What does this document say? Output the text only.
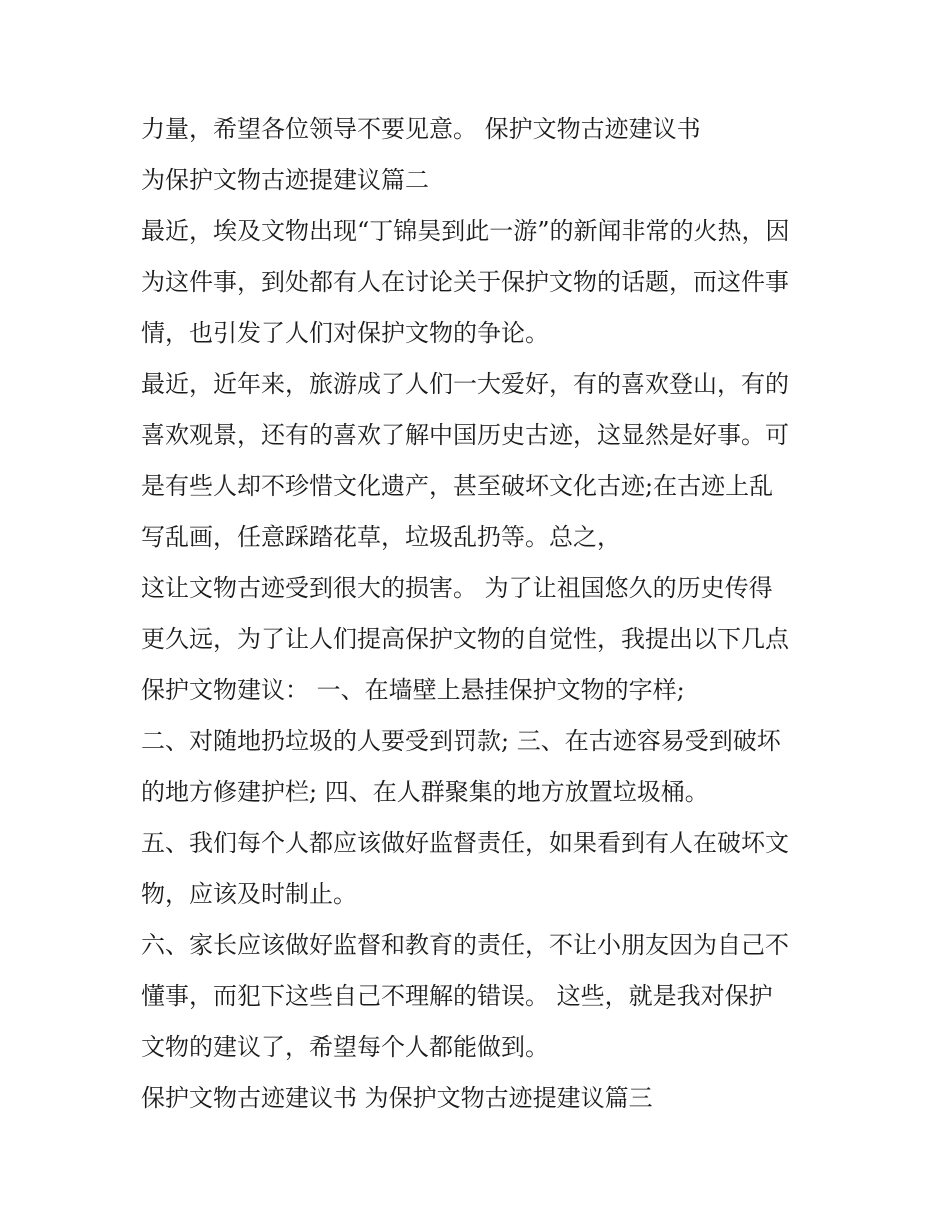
力量，希望各位领导不要见意。 保护文物古迹建议书

为保护文物古迹提建议篇二

最近，埃及文物出现“丁锦昊到此一游”的新闻非常的火热，因

为这件事，到处都有人在讨论关于保护文物的话题，而这件事

情，也引发了人们对保护文物的争论。

最近，近年来，旅游成了人们一大爱好，有的喜欢登山，有的

喜欢观景，还有的喜欢了解中国历史古迹，这显然是好事。可

是有些人却不珍惜文化遗产，甚至破坏文化古迹;在古迹上乱

写乱画，任意踩踏花草，垃圾乱扔等。总之，

这让文物古迹受到很大的损害。 为了让祖国悠久的历史传得

更久远，为了让人们提高保护文物的自觉性，我提出以下几点

保护文物建议： 一、在墙壁上悬挂保护文物的字样;

二、对随地扔垃圾的人要受到罚款; 三、在古迹容易受到破坏

的地方修建护栏; 四、在人群聚集的地方放置垃圾桶。

五、我们每个人都应该做好监督责任，如果看到有人在破坏文

物，应该及时制止。

六、家长应该做好监督和教育的责任，不让小朋友因为自己不

懂事，而犯下这些自己不理解的错误。 这些，就是我对保护

文物的建议了，希望每个人都能做到。

保护文物古迹建议书 为保护文物古迹提建议篇三
